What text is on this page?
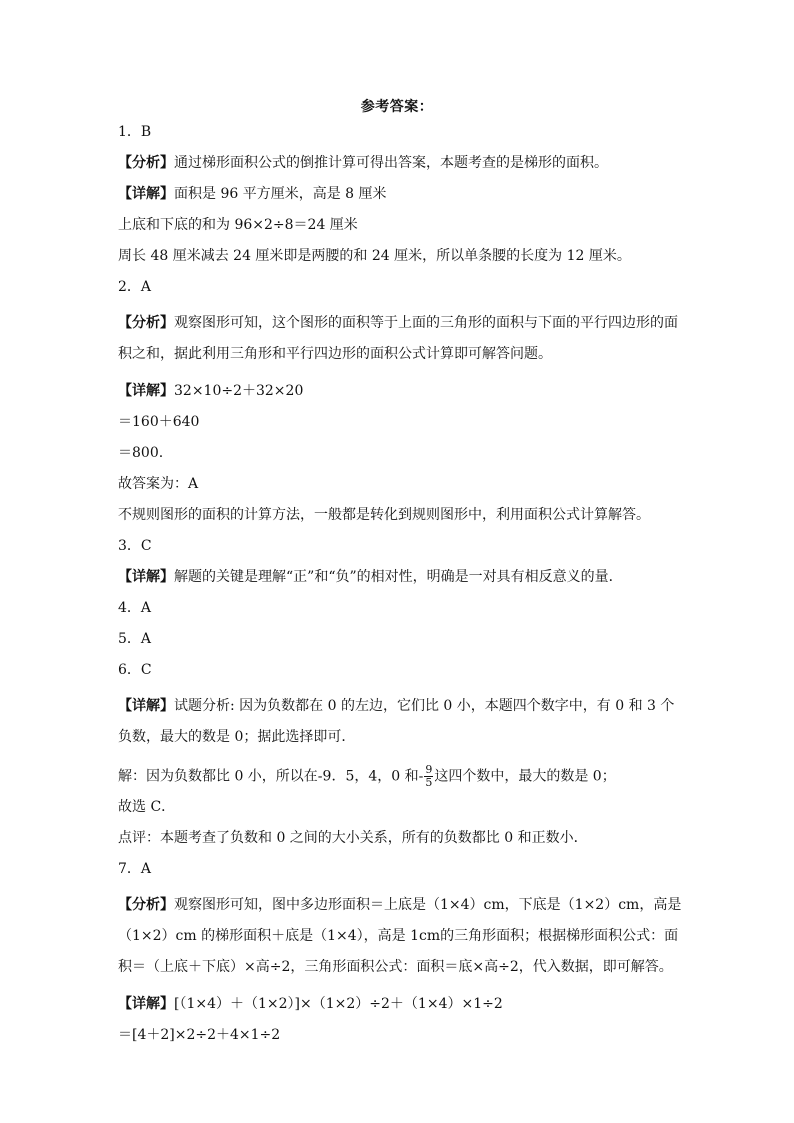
参考答案：
1．B
【分析】通过梯形面积公式的倒推计算可得出答案，本题考查的是梯形的面积。
【详解】面积是 96 平方厘米，高是 8 厘米
上底和下底的和为 96×2÷8＝24 厘米
周长 48 厘米减去 24 厘米即是两腰的和 24 厘米，所以单条腰的长度为 12 厘米。
2．A
【分析】观察图形可知，这个图形的面积等于上面的三角形的面积与下面的平行四边形的面积之和，据此利用三角形和平行四边形的面积公式计算即可解答问题。
【详解】32×10÷2＋32×20
＝160＋640
＝800.
故答案为：A
不规则图形的面积的计算方法，一般都是转化到规则图形中，利用面积公式计算解答。
3．C
【详解】解题的关键是理解“正”和“负”的相对性，明确是一对具有相反意义的量．
4．A
5．A
6．C
【详解】试题分析: 因为负数都在 0 的左边，它们比 0 小，本题四个数字中，有 0 和 3 个负数，最大的数是 0；据此选择即可．
解：因为负数都比 0 小，所以在-9．5，4，0 和- $\frac{9}{5}$ 这四个数中，最大的数是 0；
故选 C．
点评：本题考查了负数和 0 之间的大小关系，所有的负数都比 0 和正数小．
7．A
【分析】观察图形可知，图中多边形面积＝上底是（1×4）cm，下底是（1×2）cm，高是（1×2）cm 的梯形面积＋底是（1×4），高是 1cm的三角形面积；根据梯形面积公式：面积＝（上底＋下底）×高÷2，三角形面积公式：面积＝底×高÷2，代入数据，即可解答。
【详解】[（1×4）＋（1×2）]×（1×2）÷2＋（1×4）×1÷2
＝[4＋2]×2÷2＋4×1÷2
